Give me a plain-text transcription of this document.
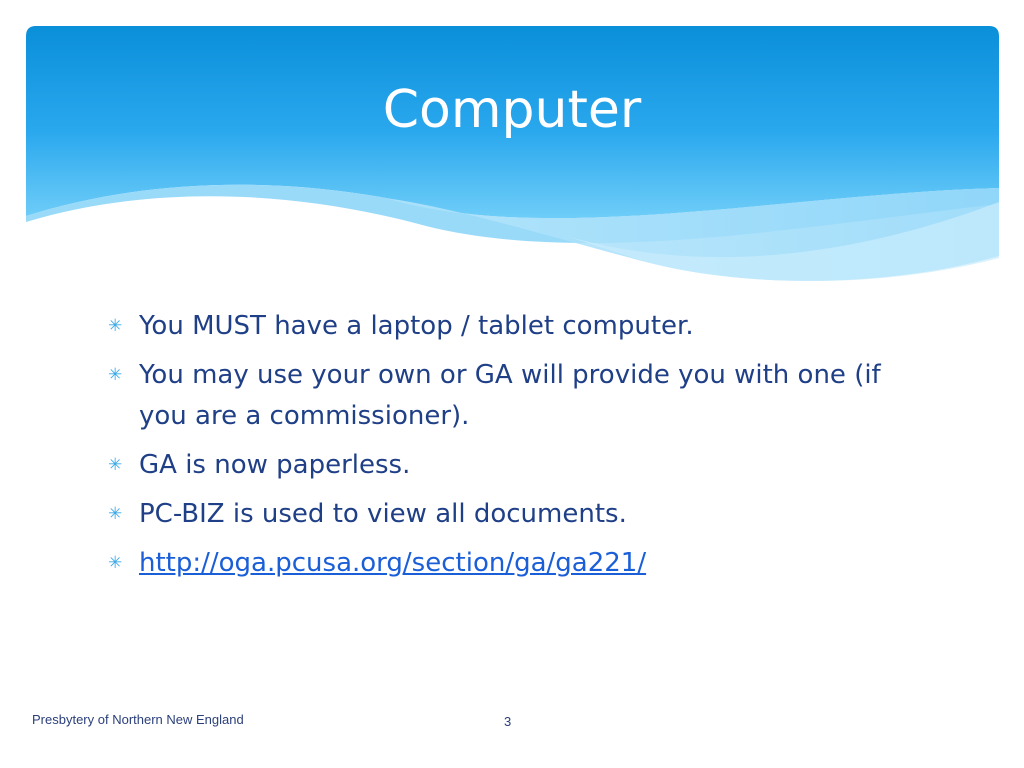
Computer
✳ You MUST have a laptop / tablet computer.
✳ You may use your own or GA will provide you with one (if you are a commissioner).
✳ GA is now paperless.
✳ PC-BIZ is used to view all documents.
✳ http://oga.pcusa.org/section/ga/ga221/
Presbytery of Northern New England	3
